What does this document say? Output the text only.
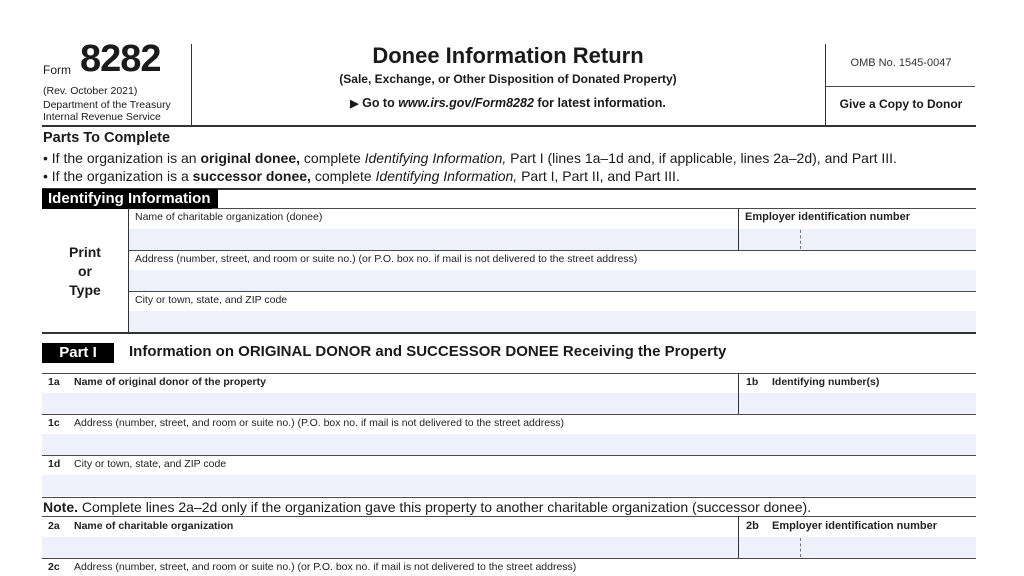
Form 8282
(Rev. October 2021)
Department of the Treasury
Internal Revenue Service
Donee Information Return
(Sale, Exchange, or Other Disposition of Donated Property)
▶ Go to www.irs.gov/Form8282 for latest information.
OMB No. 1545-0047
Give a Copy to Donor
Parts To Complete
• If the organization is an original donee, complete Identifying Information, Part I (lines 1a–1d and, if applicable, lines 2a–2d), and Part III.
• If the organization is a successor donee, complete Identifying Information, Part I, Part II, and Part III.
Identifying Information
Print
or
Type
Name of charitable organization (donee)	Employer identification number
Address (number, street, and room or suite no.) (or P.O. box no. if mail is not delivered to the street address)
City or town, state, and ZIP code
Part I	Information on ORIGINAL DONOR and SUCCESSOR DONEE Receiving the Property
1a Name of original donor of the property	1b Identifying number(s)
1c Address (number, street, and room or suite no.) (P.O. box no. if mail is not delivered to the street address)
1d City or town, state, and ZIP code
Note. Complete lines 2a–2d only if the organization gave this property to another charitable organization (successor donee).
2a Name of charitable organization	2b Employer identification number
2c Address (number, street, and room or suite no.) (or P.O. box no. if mail is not delivered to the street address)
